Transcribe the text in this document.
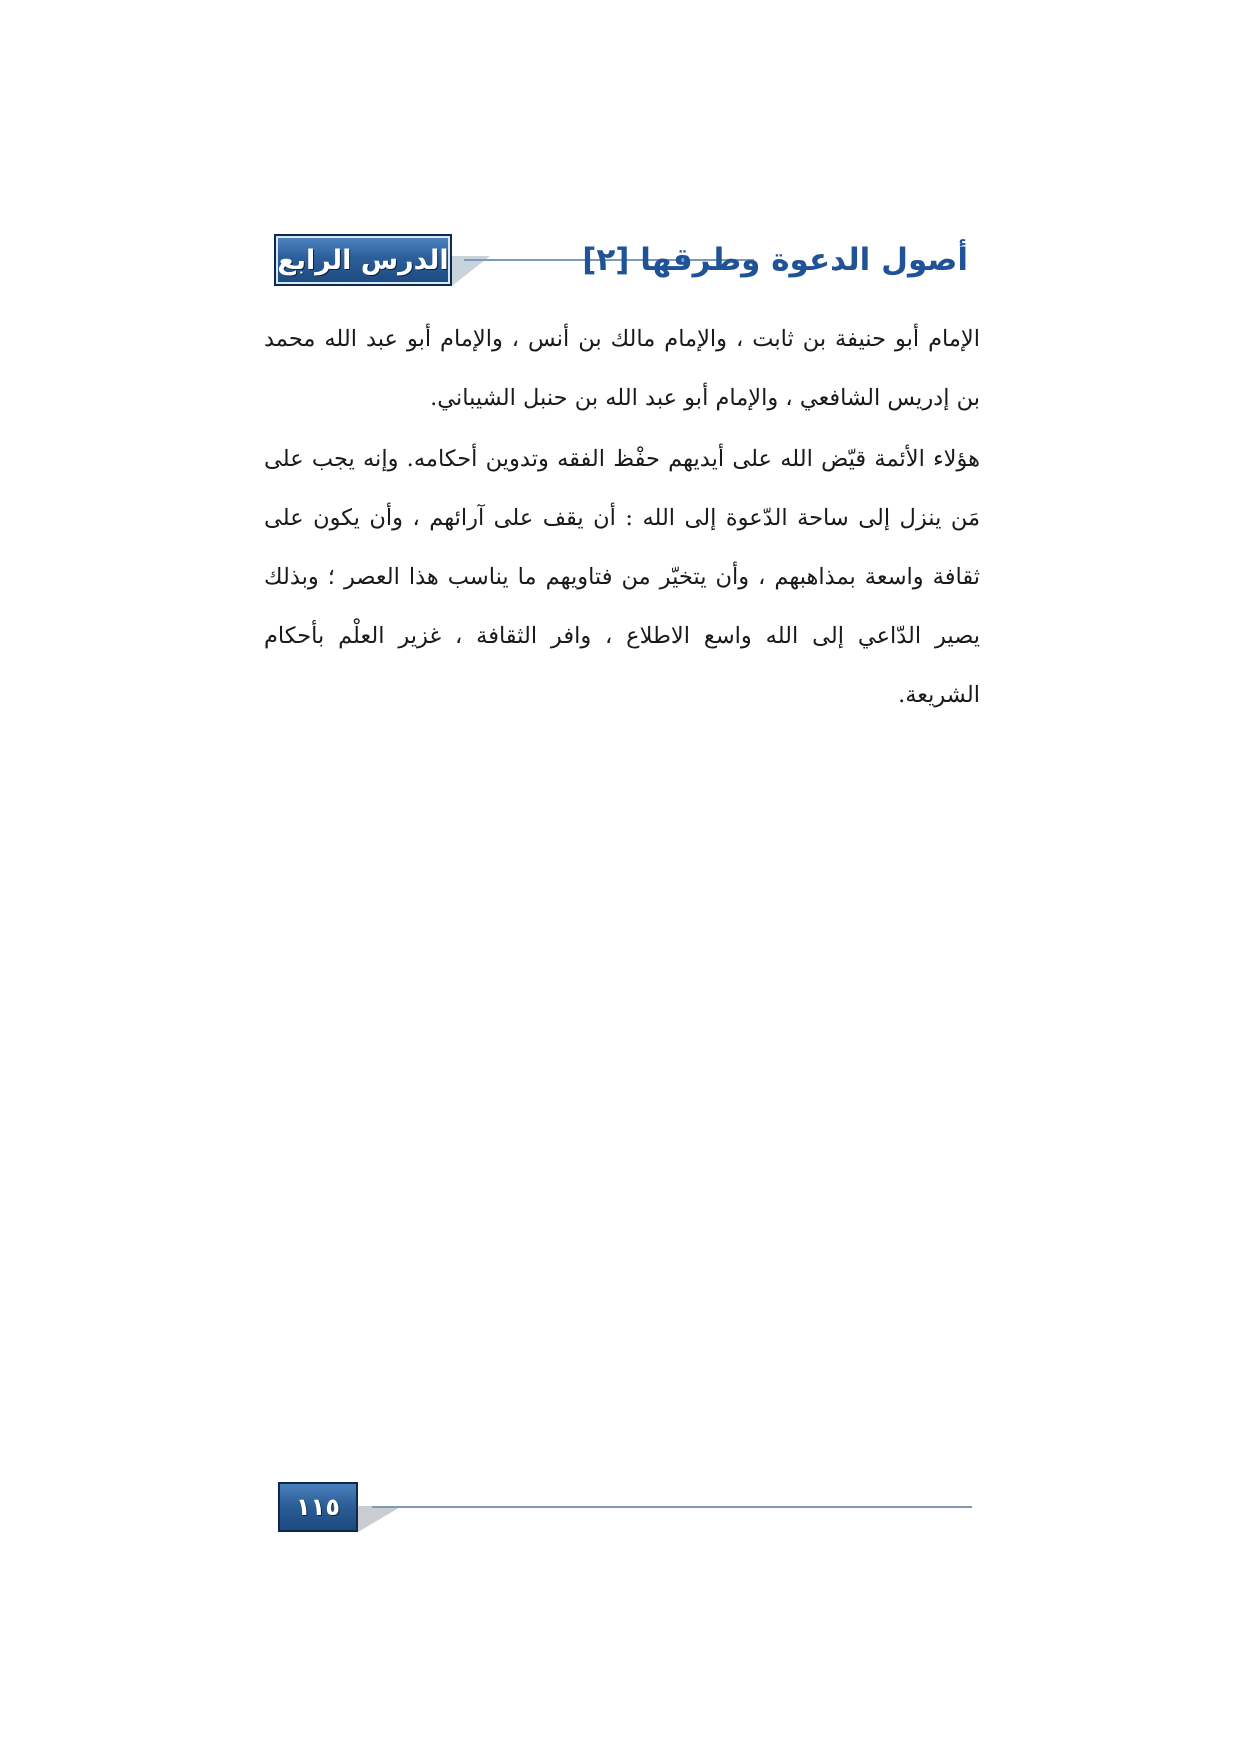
الدرس الرابع	أصول الدعوة وطرقها [٢]

الإمام أبو حنيفة بن ثابت ، والإمام مالك بن أنس ، والإمام أبو عبد الله محمد بن إدريس الشافعي ، والإمام أبو عبد الله بن حنبل الشيباني.

هؤلاء الأئمة قيّض الله على أيديهم حفْظ الفقه وتدوين أحكامه. وإنه يجب على مَن ينزل إلى ساحة الدّعوة إلى الله : أن يقف على آرائهم ، وأن يكون على ثقافة واسعة بمذاهبهم ، وأن يتخيّر من فتاويهم ما يناسب هذا العصر ؛ وبذلك يصير الدّاعي إلى الله واسع الاطلاع ، وافر الثقافة ، غزير العلْم بأحكام الشريعة.

١١٥
